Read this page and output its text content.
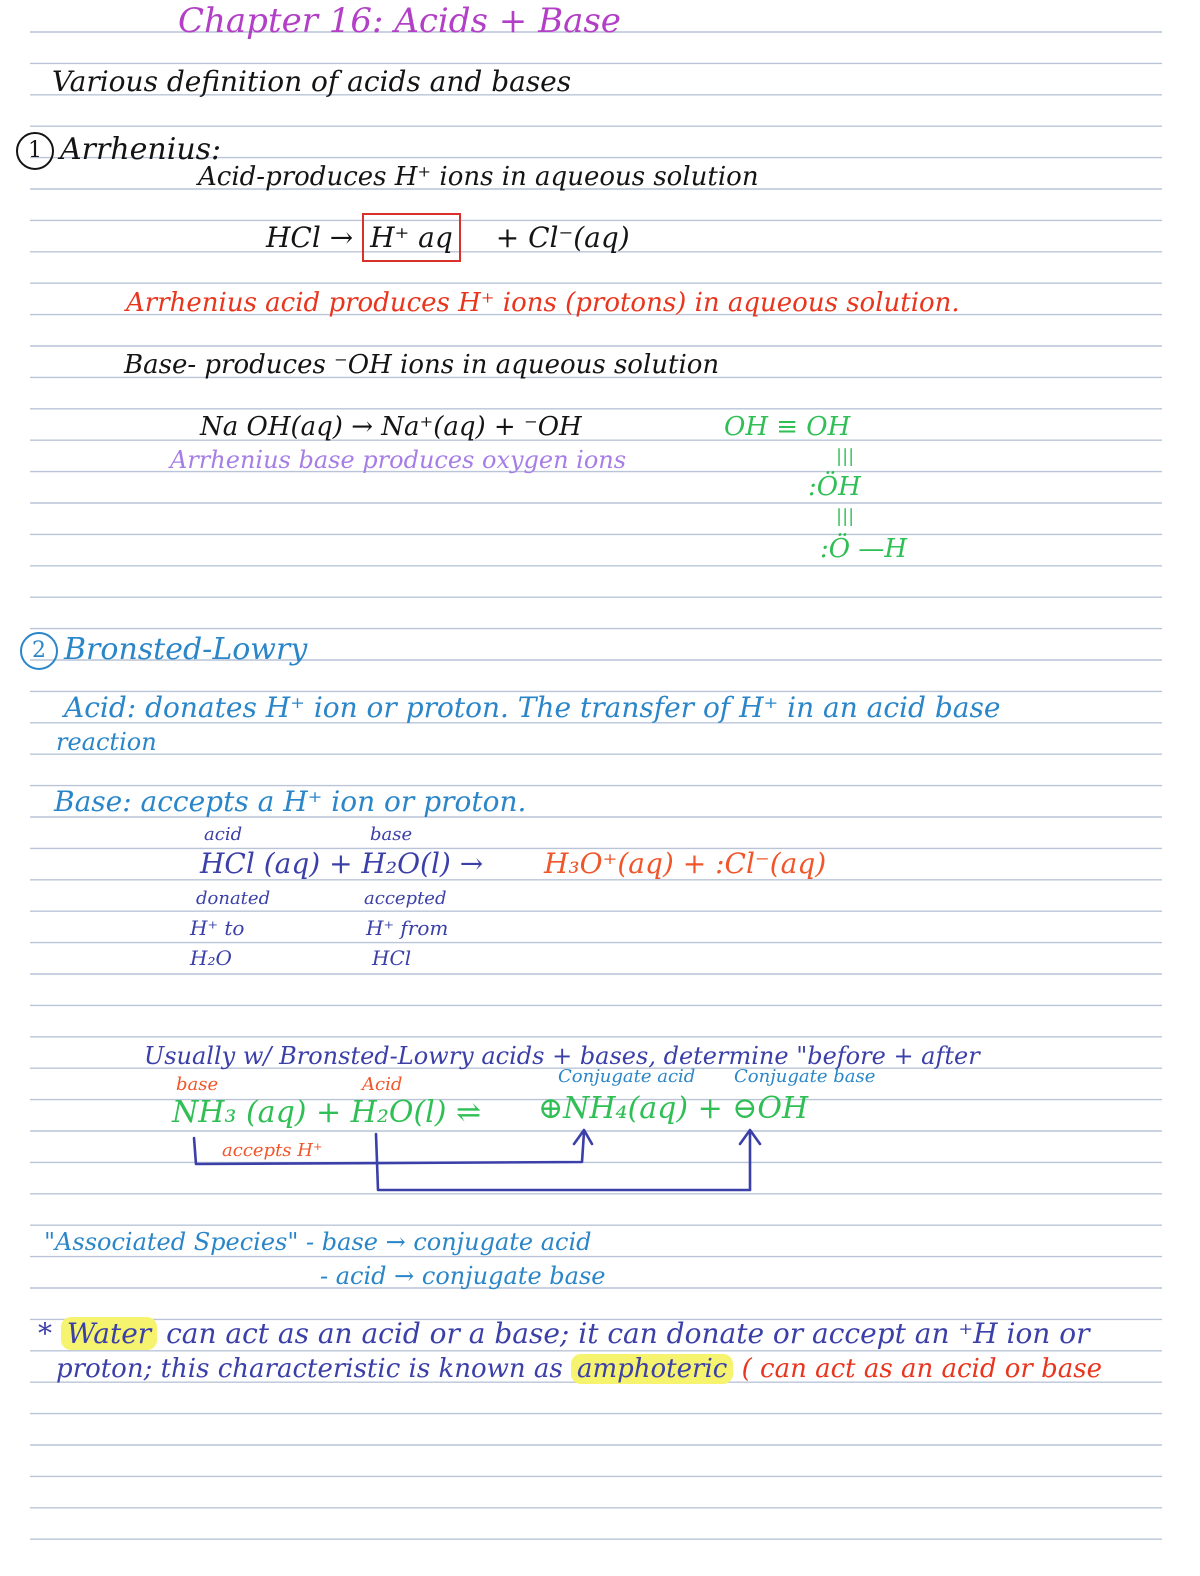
Chapter 16: Acids + Base
Various definition of acids and bases
1 Arrhenius:
Acid-produces H⁺ ions in aqueous solution
HCl → H⁺ aq + Cl⁻(aq)
Arrhenius acid produces H⁺ ions (protons) in aqueous solution.
Base- produces ⁻OH ions in aqueous solution
Na OH(aq) → Na⁺(aq) + ⁻OH
Arrhenius base produces oxygen ions
OH ≡ OH
|||
:ÖH
|||
:Ö —H
2 Bronsted-Lowry
Acid: donates H⁺ ion or proton. The transfer of H⁺ in an acid base
reaction
Base: accepts a H⁺ ion or proton.
acid	base
HCl (aq) + H₂O(l) → H₃O⁺(aq) + :Cl⁻(aq)
donated
H⁺ to
H₂O
accepted
H⁺ from
HCl
Usually w/ Bronsted-Lowry acids + bases, determine "before + after
base	Acid	Conjugate acid Conjugate base
NH₃ (aq) + H₂O(l) ⇌ ⊕NH₄(aq) + ⊖OH
accepts H⁺
"Associated Species" - base → conjugate acid
- acid → conjugate base
* Water can act as an acid or a base; it can donate or accept an ⁺H ion or
proton; this characteristic is known as amphoteric ( can act as an acid or base
